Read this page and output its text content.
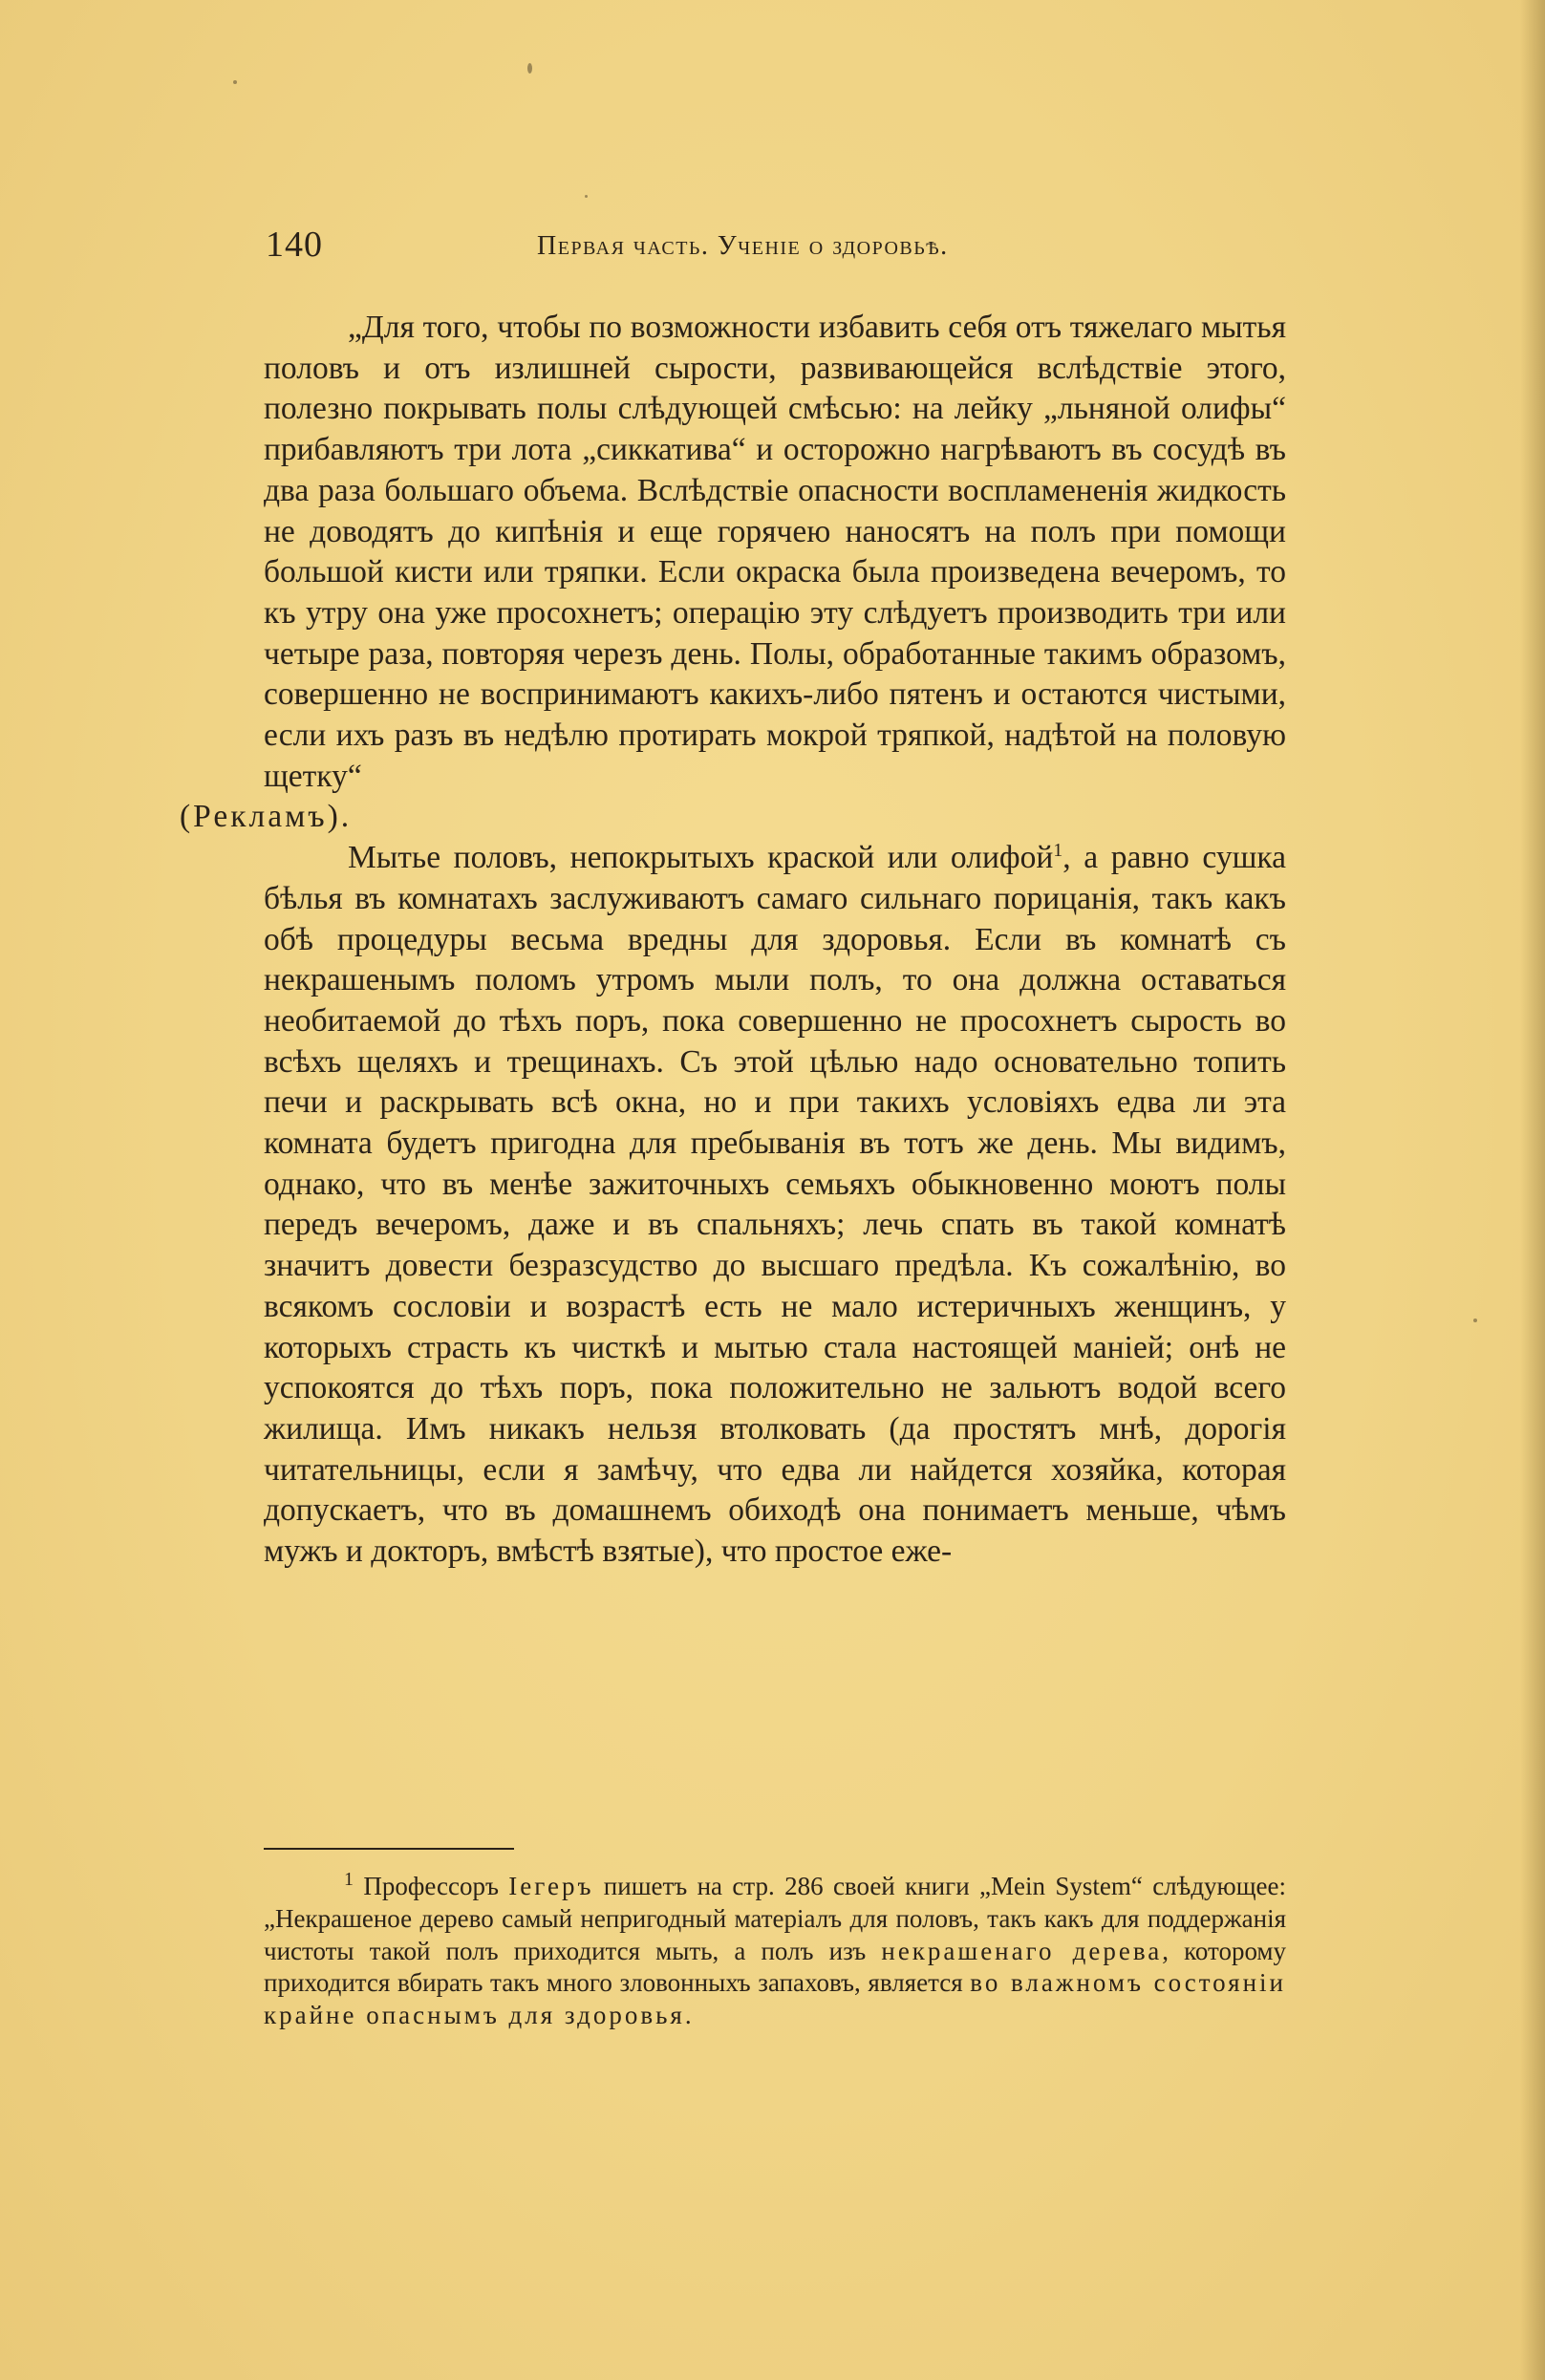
140	Первая часть. Ученіе о здоровьѣ.

„Для того, чтобы по возможности избавить себя отъ тяжелаго мытья половъ и отъ излишней сырости, развивающейся вслѣдствіе этого, полезно покрывать полы слѣдующей смѣсью: на лейку „льняной олифы“ прибавляютъ три лота „сиккатива“ и осторожно нагрѣваютъ въ сосудѣ въ два раза большаго объема. Вслѣдствіе опасности воспламененія жидкость не доводятъ до кипѣнія и еще горячею наносятъ на полъ при помощи большой кисти или тряпки. Если окраска была произведена вечеромъ, то къ утру она уже просохнетъ; операцію эту слѣдуетъ производить три или четыре раза, повторяя черезъ день. Полы, обработанные такимъ образомъ, совершенно не воспринимаютъ какихъ-либо пятенъ и остаются чистыми, если ихъ разъ въ недѣлю протирать мокрой тряпкой, надѣтой на половую щетку“
(Рекламъ).

Мытье половъ, непокрытыхъ краской или олифой$^1$, а равно сушка бѣлья въ комнатахъ заслуживаютъ самаго сильнаго порицанія, такъ какъ обѣ процедуры весьма вредны для здоровья. Если въ комнатѣ съ некрашенымъ поломъ утромъ мыли полъ, то она должна оставаться необитаемой до тѣхъ поръ, пока совершенно не просохнетъ сырость во всѣхъ щеляхъ и трещинахъ. Съ этой цѣлью надо основательно топить печи и раскрывать всѣ окна, но и при такихъ условіяхъ едва ли эта комната будетъ пригодна для пребыванія въ тотъ же день. Мы видимъ, однако, что въ менѣе зажиточныхъ семьяхъ обыкновенно моютъ полы передъ вечеромъ, даже и въ спальняхъ; лечь спать въ такой комнатѣ значитъ довести безразсудство до высшаго предѣла. Къ сожалѣнію, во всякомъ сословіи и возрастѣ есть не мало истеричныхъ женщинъ, у которыхъ страсть къ чисткѣ и мытью стала настоящей маніей; онѣ не успокоятся до тѣхъ поръ, пока положительно не зальютъ водой всего жилища. Имъ никакъ нельзя втолковать (да простятъ мнѣ, дорогія читательницы, если я замѣчу, что едва ли найдется хозяйка, которая допускаетъ, что въ домашнемъ обиходѣ она понимаетъ меньше, чѣмъ мужъ и докторъ, вмѣстѣ взятые), что простое еже-

$^1$ Профессоръ Iегеръ пишетъ на стр. 286 своей книги „Mein System“ слѣдующее: „Некрашеное дерево самый непригодный матеріалъ для половъ, такъ какъ для поддержанія чистоты такой полъ приходится мыть, а полъ изъ некрашенаго дерева, которому приходится вбирать такъ много зловонныхъ запаховъ, является во влажномъ состояніи крайне опаснымъ для здоровья.
